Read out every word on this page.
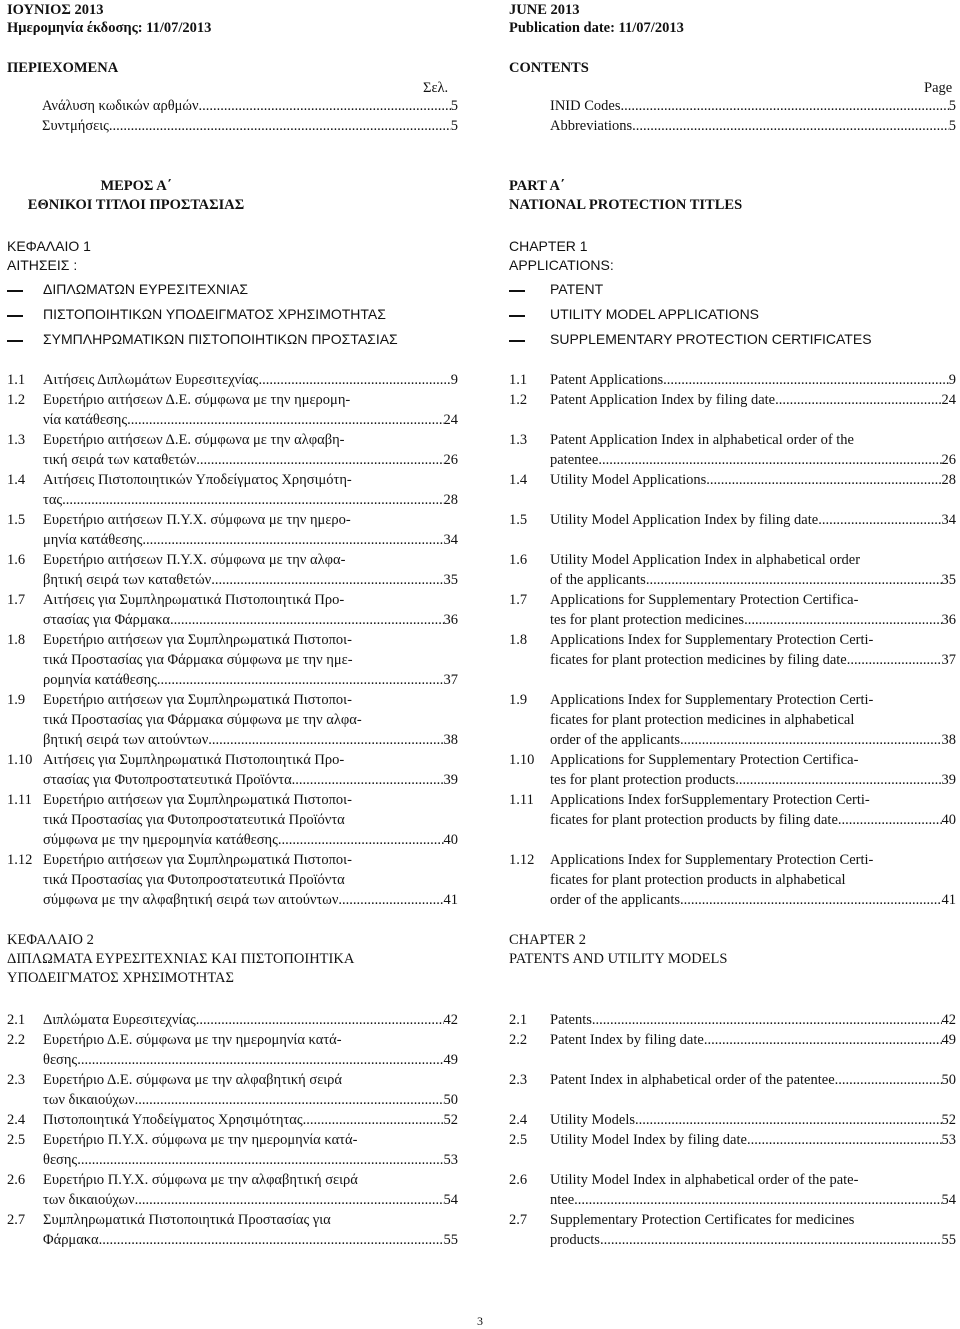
ΙΟΥΝΙΟΣ 2013
Ημερομηνία έκδοσης: 11/07/2013
JUNE 2013
Publication date: 11/07/2013
ΠΕΡΙΕΧΟΜΕΝΑ
Σελ.
Ανάλυση κωδικών αρθμών .....	5
Συντμήσεις .....	5
CONTENTS
Page
INID Codes .....	5
Abbreviations .....	5
ΜΕΡΟΣ Α΄
ΕΘΝΙΚΟΙ ΤΙΤΛΟΙ ΠΡΟΣΤΑΣΙΑΣ
PART A΄
NATIONAL PROTECTION TITLES
ΚΕΦΑΛΑΙΟ 1
ΑΙΤΗΣΕΙΣ :
ΔΙΠΛΩΜΑΤΩΝ ΕΥΡΕΣΙΤΕΧΝΙΑΣ
ΠΙΣΤΟΠΟΙΗΤΙΚΩΝ ΥΠΟΔΕΙΓΜΑΤΟΣ ΧΡΗΣΙΜΟΤΗΤΑΣ
ΣΥΜΠΛΗΡΩΜΑΤΙΚΩΝ ΠΙΣΤΟΠΟΙΗΤΙΚΩΝ ΠΡΟΣΤΑΣΙΑΣ
CHAPTER 1
APPLICATIONS:
PATENT
UTILITY MODEL APPLICATIONS
SUPPLEMENTARY PROTECTION CERTIFICATES
1.1 Αιτήσεις Διπλωμάτων Ευρεσιτεχνίας .....	9
1.2 Ευρετήριο αιτήσεων Δ.Ε. σύμφωνα με την ημερομη-
νία κατάθεσης .....	24
1.3 Ευρετήριο αιτήσεων Δ.Ε. σύμφωνα με την αλφαβη-
τική σειρά των καταθετών .....	26
1.4 Αιτήσεις Πιστοποιητικών Υποδείγματος Χρησιμότη-
τας .....	28
1.5 Ευρετήριο αιτήσεων Π.Υ.Χ. σύμφωνα με την ημερο-
μηνία κατάθεσης .....	34
1.6 Ευρετήριο αιτήσεων Π.Υ.Χ. σύμφωνα με την αλφα-
βητική σειρά των καταθετών .....	35
1.7 Αιτήσεις για Συμπληρωματικά Πιστοποιητικά Προ-
στασίας για Φάρμακα .....	36
1.8 Ευρετήριο αιτήσεων για Συμπληρωματικά Πιστοποι-
τικά Προστασίας για Φάρμακα σύμφωνα με την ημε-
ρομηνία κατάθεσης .....	37
1.9 Ευρετήριο αιτήσεων για Συμπληρωματικά Πιστοποι-
τικά Προστασίας για Φάρμακα σύμφωνα με την αλφα-
βητική σειρά των αιτούντων .....	38
1.10 Αιτήσεις για Συμπληρωματικά Πιστοποιητικά Προ-
στασίας για Φυτοπροστατευτικά Προϊόντα .....	39
1.11 Ευρετήριο αιτήσεων για Συμπληρωματικά Πιστοποι-
τικά Προστασίας για Φυτοπροστατευτικά Προϊόντα
σύμφωνα με την ημερομηνία κατάθεσης .....	40
1.12 Ευρετήριο αιτήσεων για Συμπληρωματικά Πιστοποι-
τικά Προστασίας για Φυτοπροστατευτικά Προϊόντα
σύμφωνα με την αλφαβητική σειρά των αιτούντων .....	41
1.1 Patent Applications .....	9
1.2 Patent Application Index by filing date .....	24
1.3 Patent Application Index in alphabetical order of the
patentee .....	26
1.4 Utility Model Applications .....	28
1.5 Utility Model Application Index by filing date .....	34
1.6 Utility Model Application Index in alphabetical order
of the applicants .....	35
1.7 Applications for Supplementary Protection Certifica-
tes for plant protection medicines .....	36
1.8 Applications Index for Supplementary Protection Certi-
ficates for plant protection medicines by filing date .....	37
1.9 Applications Index for Supplementary Protection Certi-
ficates for plant protection medicines in alphabetical
order of the applicants .....	38
1.10 Applications for Supplementary Protection Certifica-
tes for plant protection products .....	39
1.11 Applications Index forSupplementary Protection Certi-
ficates for plant protection products by filing date .....	40
1.12 Applications Index for Supplementary Protection Certi-
ficates for plant protection products in alphabetical
order of the applicants .....	41
ΚΕΦΑΛΑΙΟ 2
ΔΙΠΛΩΜΑΤΑ ΕΥΡΕΣΙΤΕΧΝΙΑΣ ΚΑΙ ΠΙΣΤΟΠΟΙΗΤΙΚΑ
ΥΠΟΔΕΙΓΜΑΤΟΣ ΧΡΗΣΙΜΟΤΗΤΑΣ
CHAPTER 2
PATENTS AND UTILITY MODELS
2.1 Διπλώματα Ευρεσιτεχνίας .....	42
2.2 Ευρετήριο Δ.Ε. σύμφωνα με την ημερομηνία κατά-
θεσης .....	49
2.3 Ευρετήριο Δ.Ε. σύμφωνα με την αλφαβητική σειρά
των δικαιούχων .....	50
2.4 Πιστοποιητικά Υποδείγματος Χρησιμότητας .....	52
2.5 Ευρετήριο Π.Υ.Χ. σύμφωνα με την ημερομηνία κατά-
θεσης .....	53
2.6 Ευρετήριο Π.Υ.Χ. σύμφωνα με την αλφαβητική σειρά
των δικαιούχων .....	54
2.7 Συμπληρωματικά Πιστοποιητικά Προστασίας για
Φάρμακα .....	55
2.1 Patents .....	42
2.2 Patent Index by filing date .....	49
2.3 Patent Index in alphabetical order of the patentee .....	50
2.4 Utility Models .....	52
2.5 Utility Model Index by filing date .....	53
2.6 Utility Model Index in alphabetical order of the pate-
ntee .....	54
2.7 Supplementary Protection Certificates for medicines
products .....	55
3
